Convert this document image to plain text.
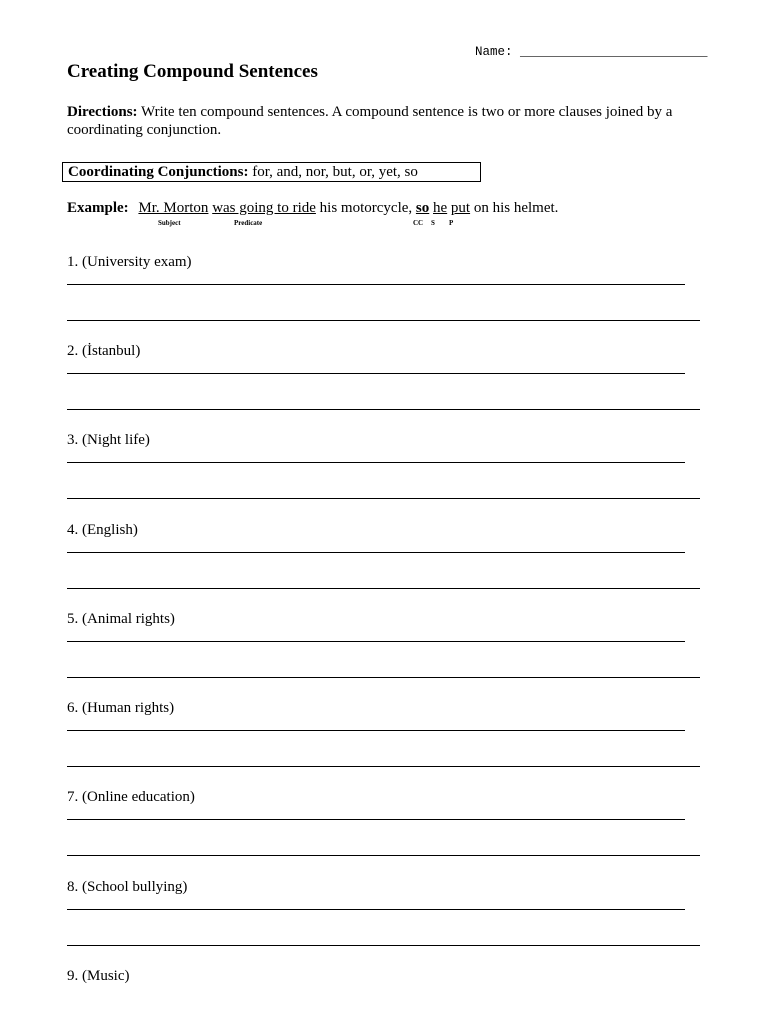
Name: _________________________
Creating Compound Sentences
Directions: Write ten compound sentences. A compound sentence is two or more clauses joined by a coordinating conjunction.
Coordinating Conjunctions: for, and, nor, but, or, yet, so
Example: Mr. Morton was going to ride his motorcycle, so he put on his helmet.
Subject	Predicate	CC S P
1. (University exam)
2. (İstanbul)
3. (Night life)
4. (English)
5. (Animal rights)
6. (Human rights)
7. (Online education)
8. (School bullying)
9. (Music)
